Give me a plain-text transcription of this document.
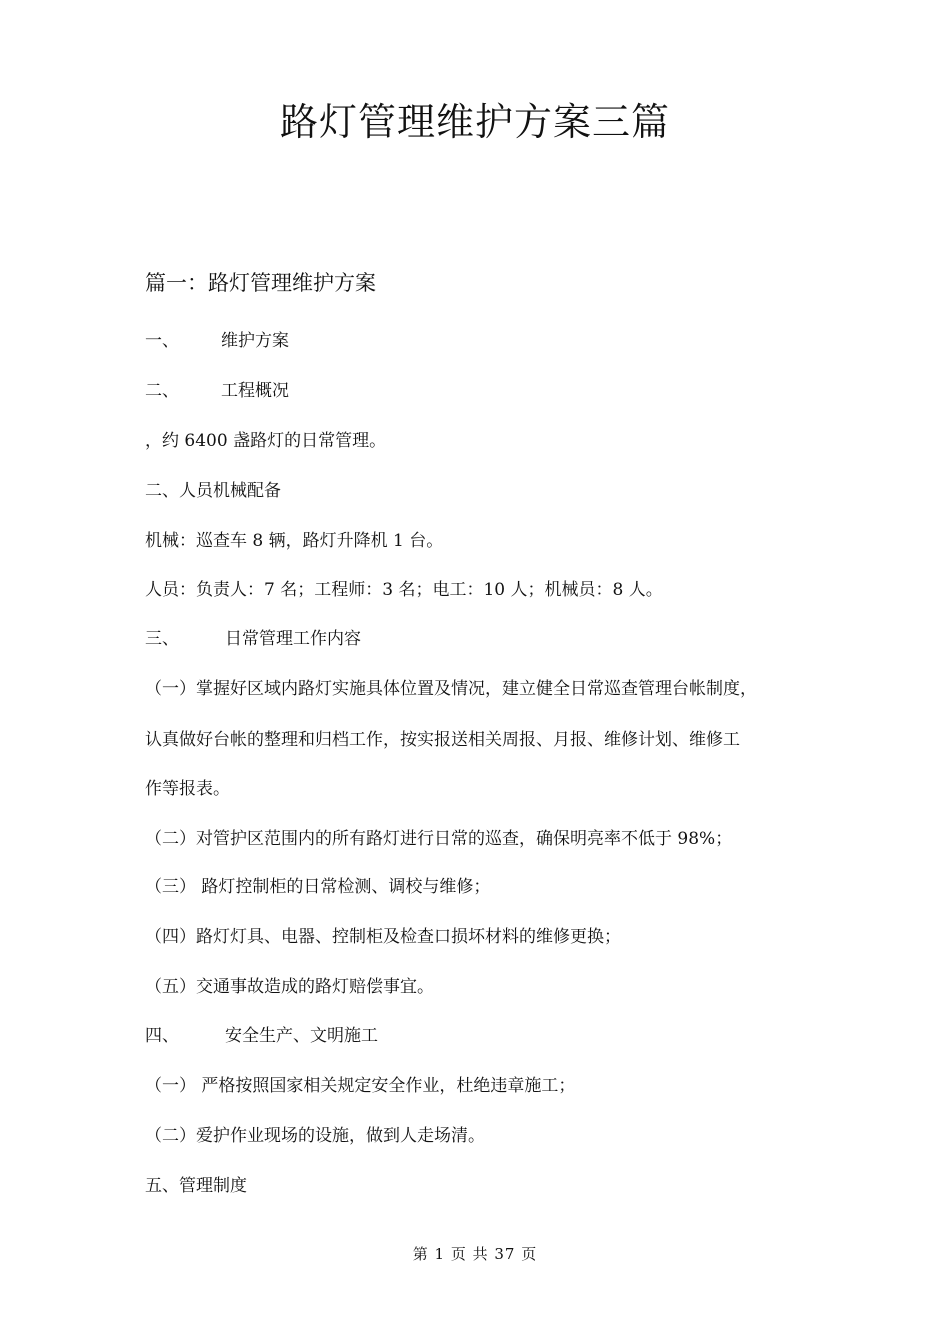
路灯管理维护方案三篇
篇一：路灯管理维护方案

一、 维护方案

二、 工程概况

，约 6400 盏路灯的日常管理。

二、人员机械配备

机械：巡查车 8 辆，路灯升降机 1 台。

人员：负责人：7 名；工程师：3 名；电工：10 人；机械员：8 人。

三、	日常管理工作内容

（一）掌握好区域内路灯实施具体位置及情况，建立健全日常巡查管理台帐制度，

认真做好台帐的整理和归档工作，按实报送相关周报、月报、维修计划、维修工

作等报表。

（二）对管护区范围内的所有路灯进行日常的巡查，确保明亮率不低于 98%；

（三） 路灯控制柜的日常检测、调校与维修；

（四）路灯灯具、电器、控制柜及检查口损坏材料的维修更换；

（五）交通事故造成的路灯赔偿事宜。

四、	安全生产、文明施工

（一） 严格按照国家相关规定安全作业，杜绝违章施工；

（二）爱护作业现场的设施，做到人走场清。

五、管理制度

第 1 页 共 37 页
